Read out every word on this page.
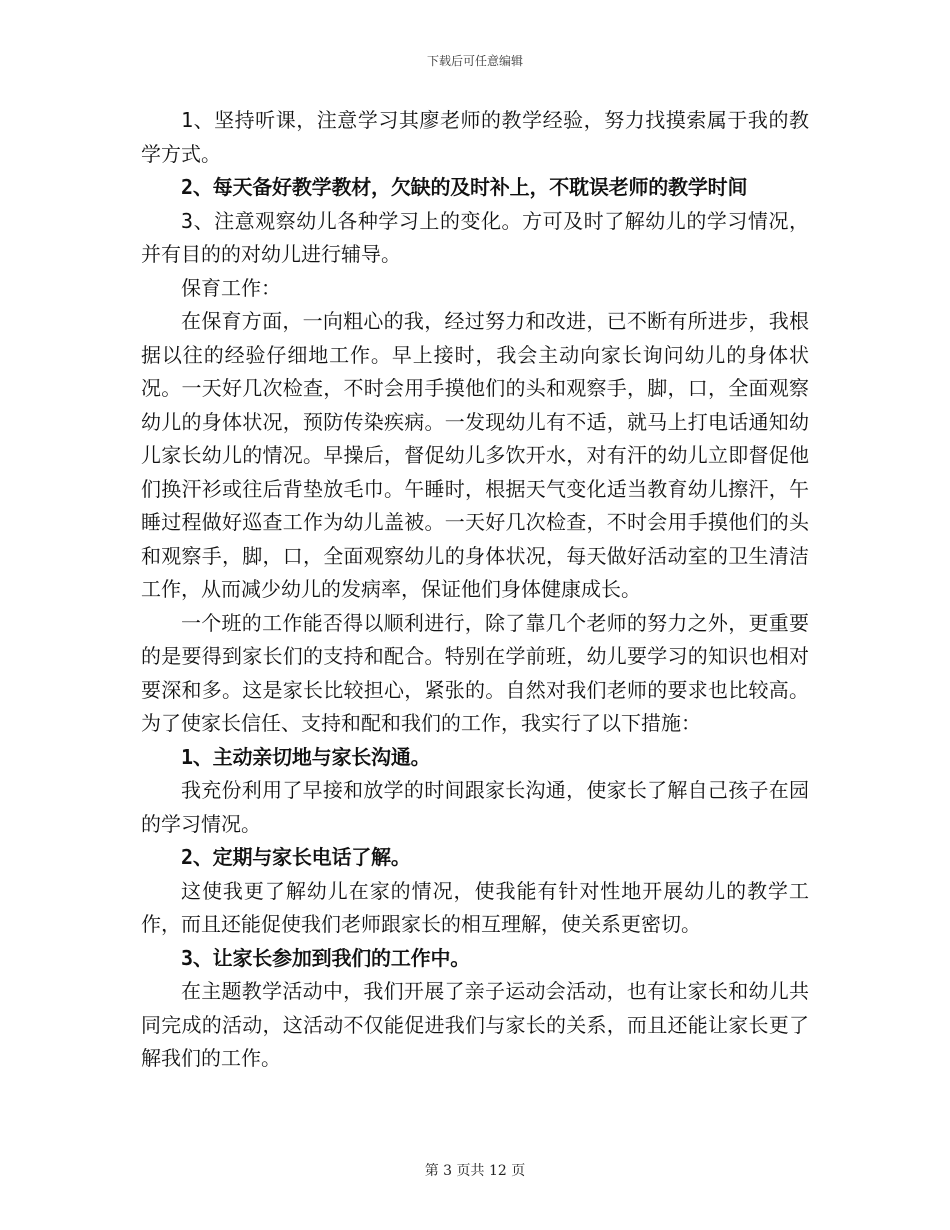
下载后可任意编辑

1、坚持听课，注意学习其廖老师的教学经验，努力找摸索属于我的教学方式。

2、每天备好教学教材，欠缺的及时补上，不耽误老师的教学时间

3、注意观察幼儿各种学习上的变化。方可及时了解幼儿的学习情况，并有目的的对幼儿进行辅导。

保育工作：

在保育方面，一向粗心的我，经过努力和改进，已不断有所进步，我根据以往的经验仔细地工作。早上接时，我会主动向家长询问幼儿的身体状况。一天好几次检查，不时会用手摸他们的头和观察手，脚，口，全面观察幼儿的身体状况，预防传染疾病。一发现幼儿有不适，就马上打电话通知幼儿家长幼儿的情况。早操后，督促幼儿多饮开水，对有汗的幼儿立即督促他们换汗衫或往后背垫放毛巾。午睡时，根据天气变化适当教育幼儿擦汗，午睡过程做好巡查工作为幼儿盖被。一天好几次检查，不时会用手摸他们的头和观察手，脚，口，全面观察幼儿的身体状况，每天做好活动室的卫生清洁工作，从而减少幼儿的发病率，保证他们身体健康成长。

一个班的工作能否得以顺利进行，除了靠几个老师的努力之外，更重要的是要得到家长们的支持和配合。特别在学前班，幼儿要学习的知识也相对要深和多。这是家长比较担心，紧张的。自然对我们老师的要求也比较高。为了使家长信任、支持和配和我们的工作，我实行了以下措施：

1、主动亲切地与家长沟通。

我充份利用了早接和放学的时间跟家长沟通，使家长了解自己孩子在园的学习情况。

2、定期与家长电话了解。

这使我更了解幼儿在家的情况，使我能有针对性地开展幼儿的教学工作，而且还能促使我们老师跟家长的相互理解，使关系更密切。

3、让家长参加到我们的工作中。

在主题教学活动中，我们开展了亲子运动会活动，也有让家长和幼儿共同完成的活动，这活动不仅能促进我们与家长的关系，而且还能让家长更了解我们的工作。

第 3 页共 12 页
